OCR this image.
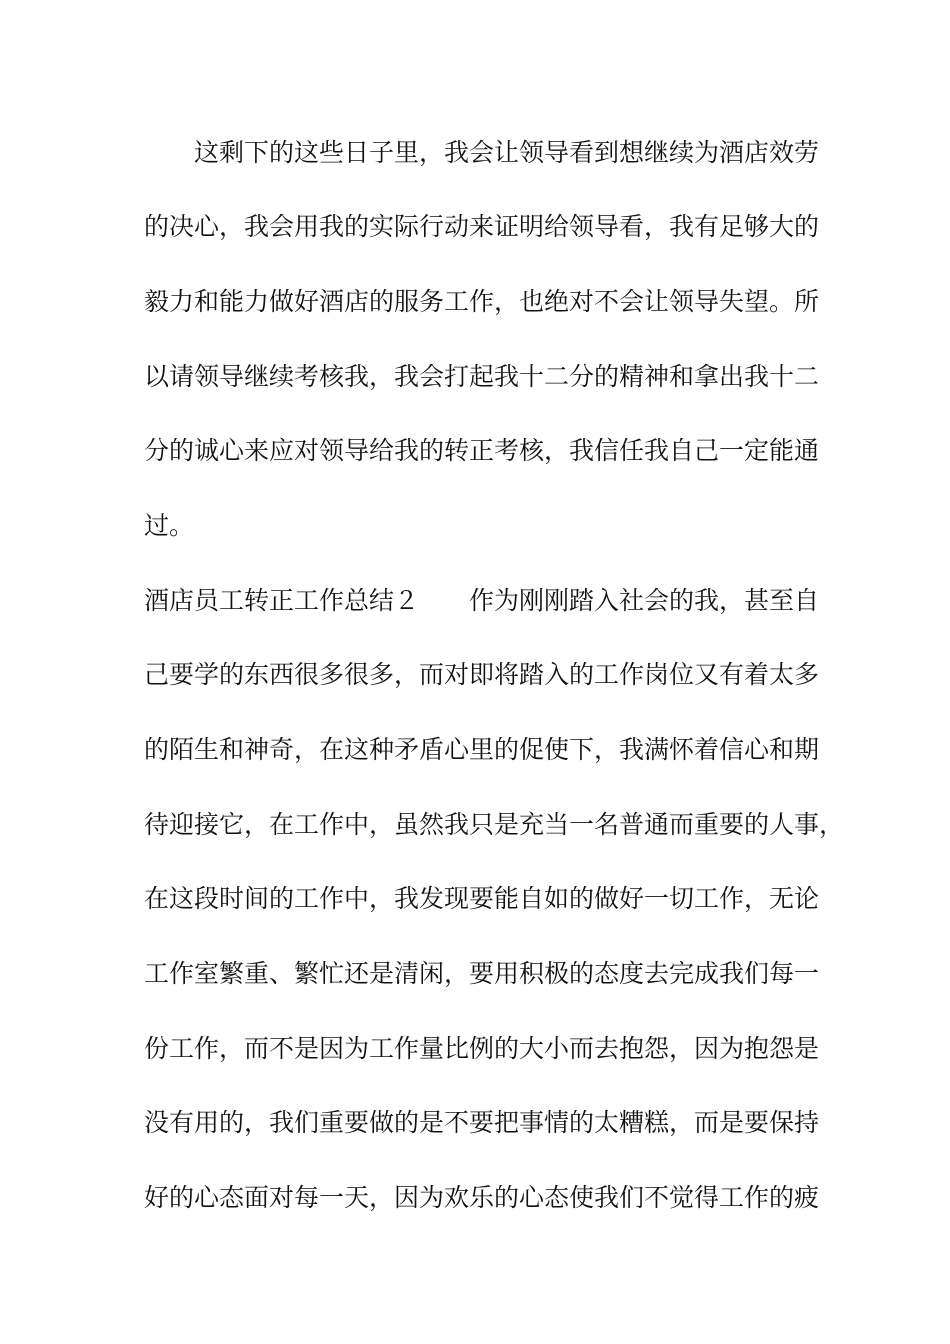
　　这剩下的这些日子里，我会让领导看到想继续为酒店效劳
的决心，我会用我的实际行动来证明给领导看，我有足够大的
毅力和能力做好酒店的服务工作，也绝对不会让领导失望。所
以请领导继续考核我，我会打起我十二分的精神和拿出我十二
分的诚心来应对领导给我的转正考核，我信任我自己一定能通
过。
酒店员工转正工作总结２　　作为刚刚踏入社会的我，甚至自
己要学的东西很多很多，而对即将踏入的工作岗位又有着太多
的陌生和神奇，在这种矛盾心里的促使下，我满怀着信心和期
待迎接它，在工作中，虽然我只是充当一名普通而重要的人事，
在这段时间的工作中，我发现要能自如的做好一切工作，无论
工作室繁重、繁忙还是清闲，要用积极的态度去完成我们每一
份工作，而不是因为工作量比例的大小而去抱怨，因为抱怨是
没有用的，我们重要做的是不要把事情的太糟糕，而是要保持
好的心态面对每一天，因为欢乐的心态使我们不觉得工作的疲
